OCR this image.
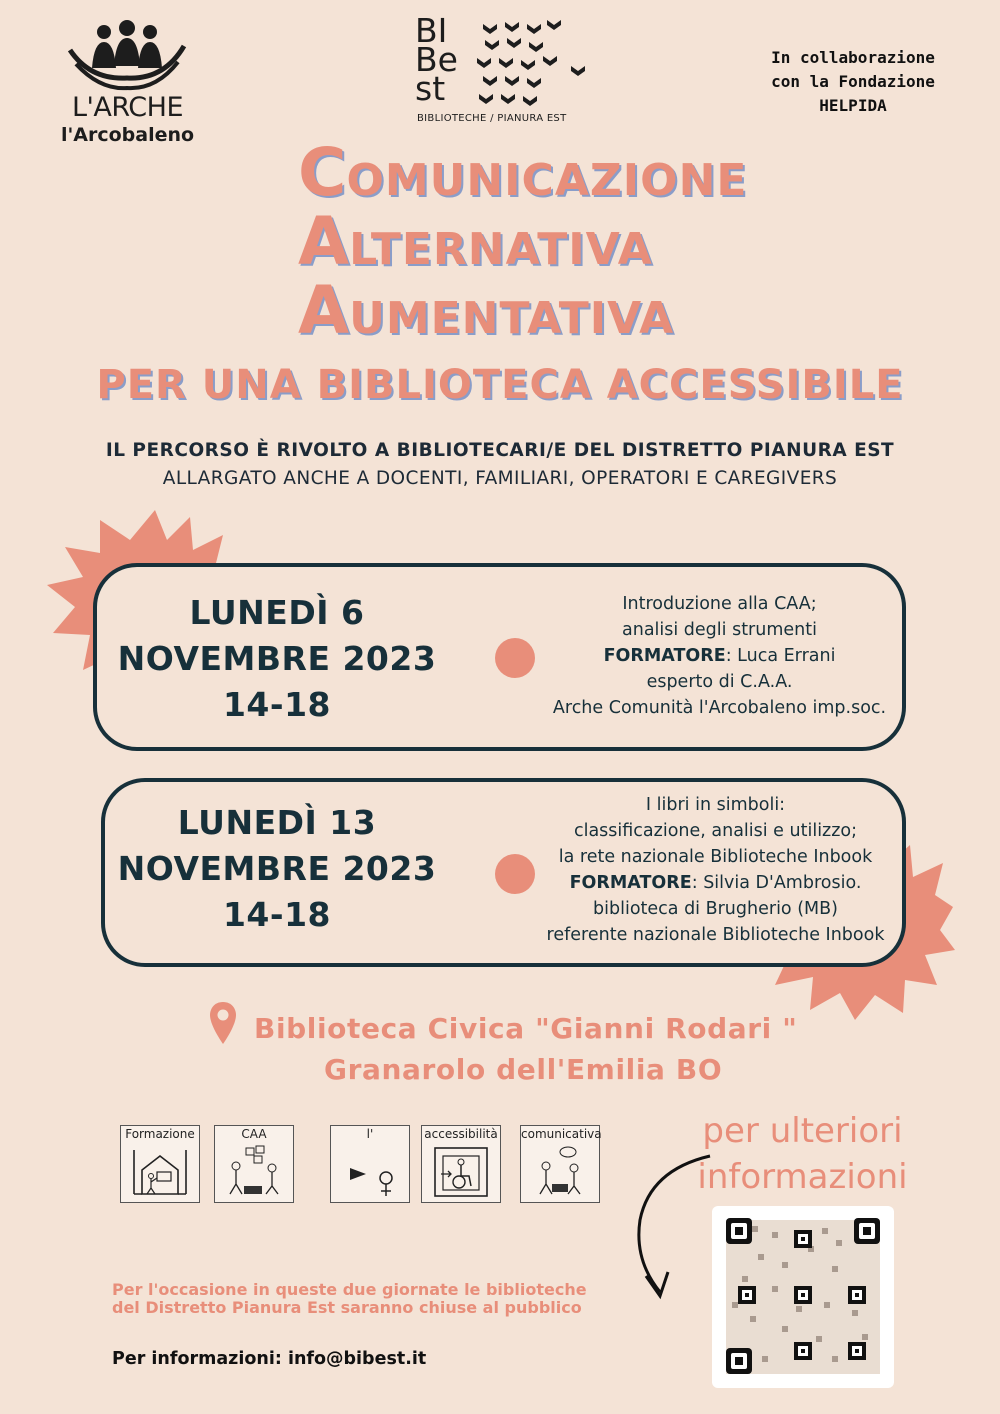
L'ARCHE
l'Arcobaleno
BI
Be
st
BIBLIOTECHE / PIANURA EST
In collaborazione
con la Fondazione
HELPIDA
COMUNICAZIONE
ALTERNATIVA
AUMENTATIVA
PER UNA BIBLIOTECA ACCESSIBILE
IL PERCORSO È RIVOLTO A BIBLIOTECARI/E DEL DISTRETTO PIANURA EST
ALLARGATO ANCHE A DOCENTI, FAMILIARI, OPERATORI E CAREGIVERS
LUNEDÌ 6
NOVEMBRE 2023
14-18
Introduzione alla CAA;
analisi degli strumenti
FORMATORE: Luca Errani
esperto di C.A.A.
Arche Comunità l'Arcobaleno imp.soc.
LUNEDÌ 13
NOVEMBRE 2023
14-18
I libri in simboli:
classificazione, analisi e utilizzo;
la rete nazionale Biblioteche Inbook
FORMATORE: Silvia D'Ambrosio.
biblioteca di Brugherio (MB)
referente nazionale Biblioteche Inbook
Biblioteca Civica "Gianni Rodari "
Granarolo dell'Emilia BO
Formazione	CAA	l'	accessibilità comunicativa	per ulteriori
informazioni
Per l'occasione in queste due giornate le biblioteche
del Distretto Pianura Est saranno chiuse al pubblico
Per informazioni: info@bibest.it
